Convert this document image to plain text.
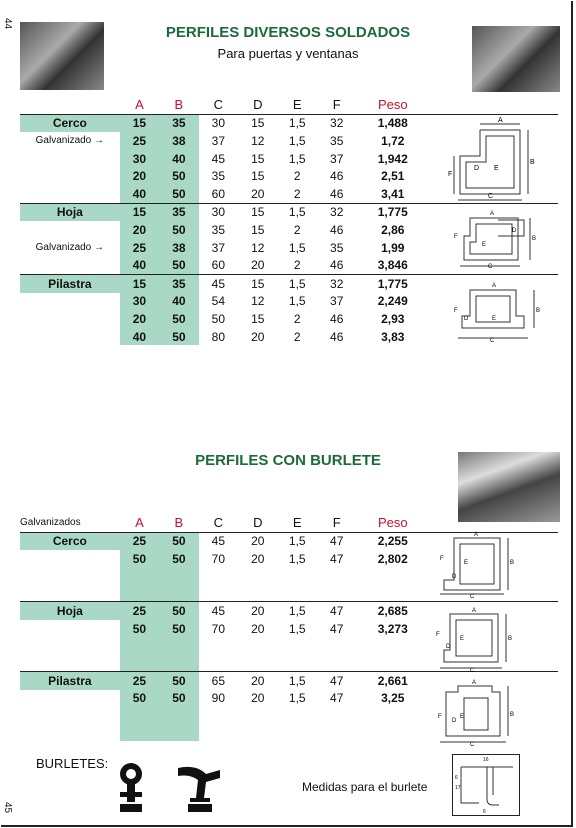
44
45
PERFILES DIVERSOS SOLDADOS
Para puertas y ventanas
	A	B	C	D	E	F	Peso	
Cerco	15	35	30	15	1,5	32	1,488	
Galvanizado →	25	38	37	12	1,5	35	1,72	
	30	40	45	15	1,5	37	1,942	
	20	50	35	15	2	46	2,51	
	40	50	60	20	2	46	3,41	
Hoja	15	35	30	15	1,5	32	1,775	
	20	50	35	15	2	46	2,86	
Galvanizado →	25	38	37	12	1,5	35	1,99	
	40	50	60	20	2	46	3,846	
Pilastra	15	35	45	15	1,5	32	1,775	
	30	40	54	12	1,5	37	2,249	
	20	50	50	15	2	46	2,93	
	40	50	80	20	2	46	3,83	
A
B
C
D E
F
A
B
C
D
E
F
A
B
C
D	E
F
PERFILES CON BURLETE
Galvanizados	A	B	C	D	E	F	Peso	
Cerco	25	50	45	20	1,5	47	2,255	
	50	50	70	20	1,5	47	2,802	

Hoja	25	50	45	20	1,5	47	2,685	
	50	50	70	20	1,5	47	3,273	

Pilastra	25	50	65	20	1,5	47	2,661	
	50	50	90	20	1,5	47	3,25	

A
B
C
D
E
F
A
B
C
D
E
F
A
B
C
D
E
F
BURLETES:
Medidas para el burlete
16
6
17
6
